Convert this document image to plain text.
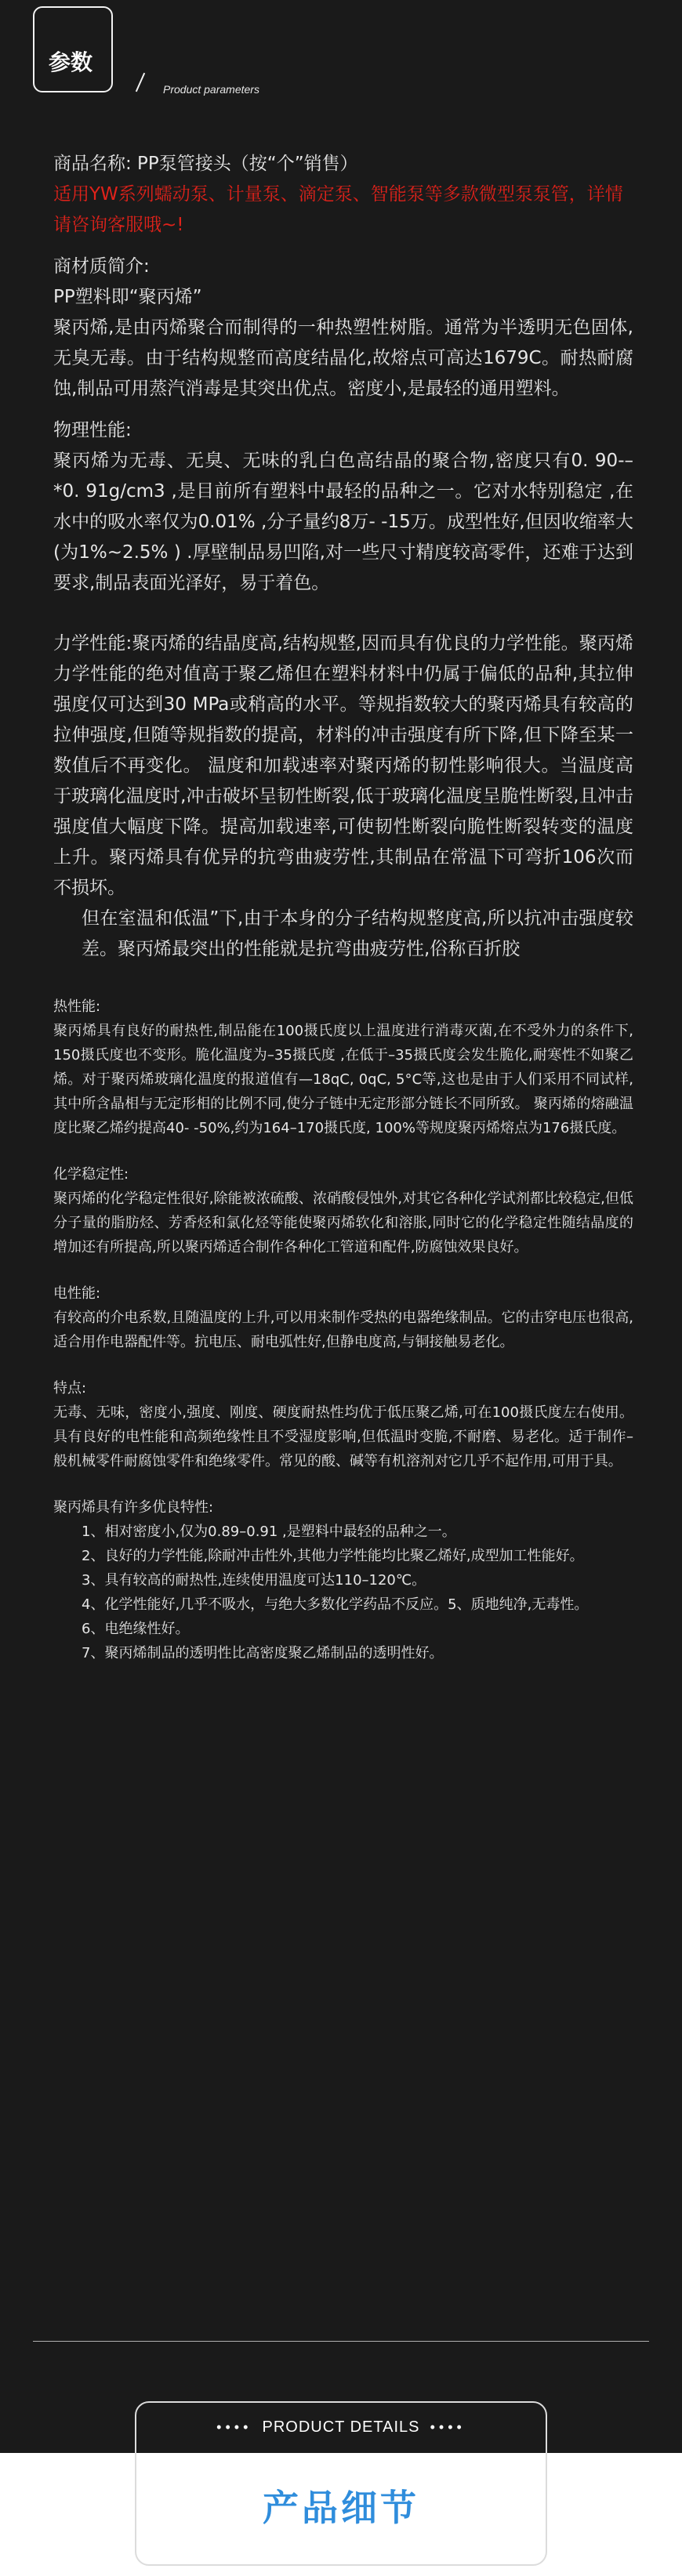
参数
Product parameters

商品名称: PP泵管接头（按“个”销售）

适用YW系列蠕动泵、计量泵、滴定泵、智能泵等多款微型泵泵管，详情请咨询客服哦~!

商材质简介:

PP塑料即“聚丙烯”

聚丙烯,是由丙烯聚合而制得的一种热塑性树脂。通常为半透明无色固体,无臭无毒。由于结构规整而高度结晶化,故熔点可高达1679C。耐热耐腐蚀,制品可用蒸汽消毒是其突出优点。密度小,是最轻的通用塑料。

物理性能:
聚丙烯为无毒、无臭、无味的乳白色高结晶的聚合物,密度只有0. 90-–*0. 91g/cm3 ,是目前所有塑料中最轻的品种之一。它对水特别稳定 ,在水中的吸水率仅为0.01% ,分子量约8万- -15万。成型性好,但因收缩率大(为1%~2.5% ) .厚壁制品易凹陷,对一些尺寸精度较高零件，还难于达到要求,制品表面光泽好，易于着色。

力学性能:聚丙烯的结晶度高,结构规整,因而具有优良的力学性能。聚丙烯力学性能的绝对值高于聚乙烯但在塑料材料中仍属于偏低的品种,其拉伸强度仅可达到30 MPa或稍高的水平。等规指数较大的聚丙烯具有较高的拉伸强度,但随等规指数的提高，材料的冲击强度有所下降,但下降至某一数值后不再变化。 温度和加载速率对聚丙烯的韧性影响很大。当温度高于玻璃化温度时,冲击破坏呈韧性断裂,低于玻璃化温度呈脆性断裂,且冲击强度值大幅度下降。提高加载速率,可使韧性断裂向脆性断裂转变的温度上升。聚丙烯具有优异的抗弯曲疲劳性,其制品在常温下可弯折106次而不损坏。

但在室温和低温”下,由于本身的分子结构规整度高,所以抗冲击强度较差。聚丙烯最突出的性能就是抗弯曲疲劳性,俗称百折胶

热性能:

聚丙烯具有良好的耐热性,制品能在100摄氏度以上温度进行消毒灭菌,在不受外力的条件下, 150摄氏度也不变形。脆化温度为–35摄氏度 ,在低于–35摄氏度会发生脆化,耐寒性不如聚乙烯。对于聚丙烯玻璃化温度的报道值有—18qC, 0qC, 5°C等,这也是由于人们采用不同试样,其中所含晶相与无定形相的比例不同,使分子链中无定形部分链长不同所致。 聚丙烯的熔融温度比聚乙烯约提高40- -50%,约为164–170摄氏度, 100%等规度聚丙烯熔点为176摄氏度。

化学稳定性:

聚丙烯的化学稳定性很好,除能被浓硫酸、浓硝酸侵蚀外,对其它各种化学试剂都比较稳定,但低分子量的脂肪烃、芳香烃和氯化烃等能使聚丙烯软化和溶胀,同时它的化学稳定性随结晶度的增加还有所提高,所以聚丙烯适合制作各种化工管道和配件,防腐蚀效果良好。

电性能:

有较高的介电系数,且随温度的上升,可以用来制作受热的电器绝缘制品。它的击穿电压也很高,适合用作电器配件等。抗电压、耐电弧性好,但静电度高,与铜接触易老化。

特点:

无毒、无味，密度小,强度、刚度、硬度耐热性均优于低压聚乙烯,可在100摄氏度左右使用。具有良好的电性能和高频绝缘性且不受湿度影响,但低温时变脆,不耐磨、易老化。适于制作–般机械零件耐腐蚀零件和绝缘零件。常见的酸、碱等有机溶剂对它几乎不起作用,可用于具。

聚丙烯具有许多优良特性:

1、相对密度小,仅为0.89–0.91 ,是塑料中最轻的品种之一。

2、良好的力学性能,除耐冲击性外,其他力学性能均比聚乙烯好,成型加工性能好。

3、具有较高的耐热性,连续使用温度可达110–120℃。

4、化学性能好,几乎不吸水，与绝大多数化学药品不反应。5、质地纯净,无毒性。

6、电绝缘性好。

7、聚丙烯制品的透明性比高密度聚乙烯制品的透明性好。

•••• PRODUCT DETAILS ••••
产品细节
